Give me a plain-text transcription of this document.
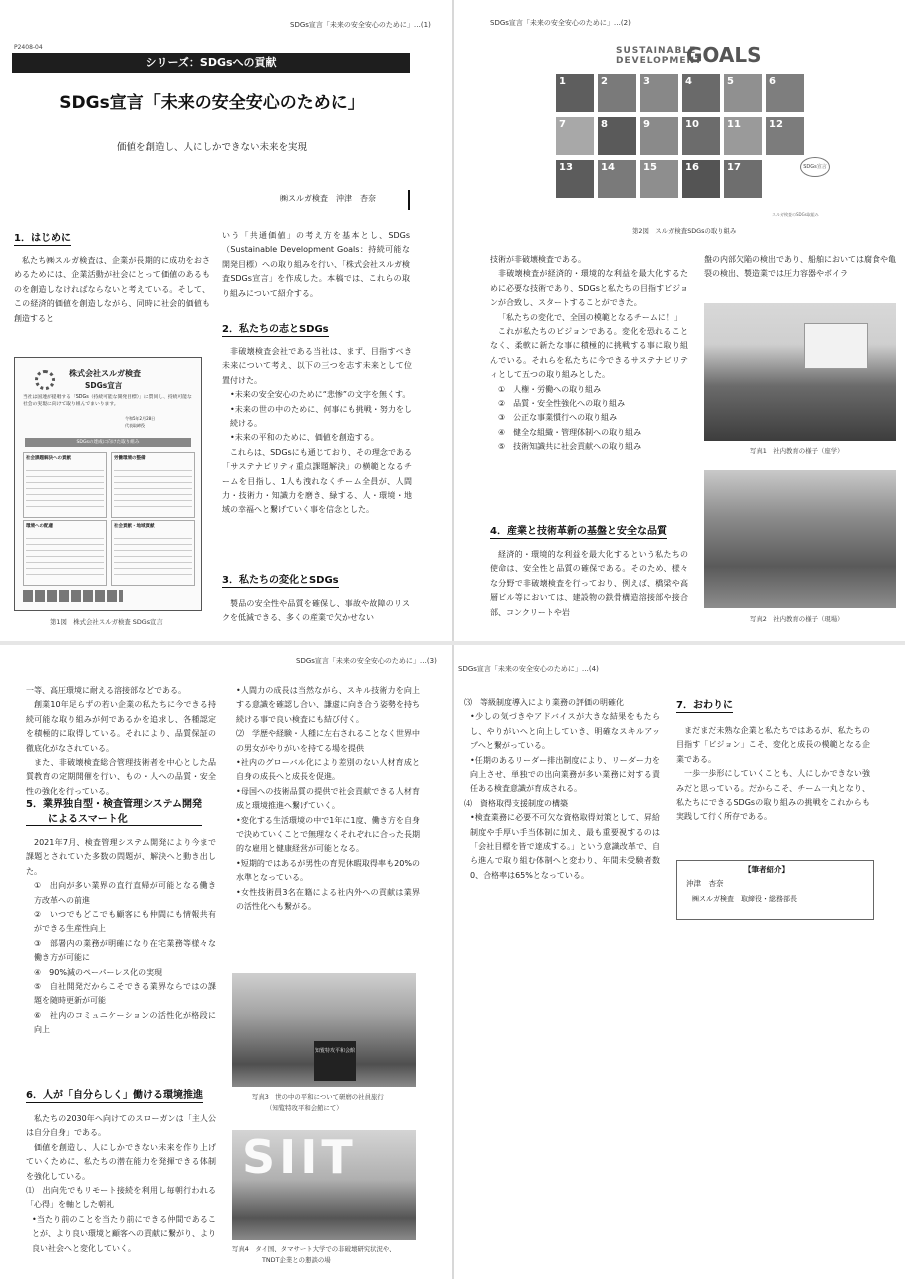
SDGs宣言「未来の安全安心のために」…(1)
P2408-04
シリーズ：SDGsへの貢献
SDGs宣言「未来の安全安心のために」
価値を創造し、人にしかできない未来を実現
㈱スルガ検査　沖津　杏奈
1．はじめに

私たち㈱スルガ検査は、企業が長期的に成功をおさめるためには、企業活動が社会にとって価値のあるものを創造しなければならないと考えている。そして、この経済的価値を創造しながら、同時に社会的価値も創造すると

株式会社スルガ検査
SDGs宣言
当社は国連が提唱する「SDGs（持続可能な開発目標）」に賛同し、持続可能な社会の実現に向けて取り組んでまいります。
令和5年2月28日
代表取締役
SDGsの達成に向けた取り組み
社会課題解決への貢献	労働環境の整備
環境への配慮	社会貢献・地域貢献
第1図　株式会社スルガ検査 SDGs宣言

いう「共通価値」の考え方を基本とし、SDGs（Sustainable Development Goals：持続可能な開発目標）への取り組みを行い、「株式会社スルガ検査SDGs宣言」を作成した。本稿では、これらの取り組みについて紹介する。

2．私たちの志とSDGs

非破壊検査会社である当社は、まず、目指すべき未来について考え、以下の三つを志す未来として位置付けた。

•未来の安全安心のために“悲惨”の文字を無くす。

•未来の世の中のために、何事にも挑戦・努力をし続ける。

•未来の平和のために、価値を創造する。

これらは、SDGsにも通じており、その理念である「サステナビリティ重点課題解決」の横範となるチームを目指し、1人も洩れなくチーム全員が、人間力・技術力・知識力を磨き、緑する、人・環境・地域の幸福へと繋げていく事を信念とした。

3．私たちの変化とSDGs

製品の安全性や品質を確保し、事故や故障のリスクを低減できる、多くの産業で欠かせない

SDGs宣言「未来の安全安心のために」…(2)
SUSTAINABLE DEVELOPMENT
GOALS
1	2	3	4	5	6
7	8	9	10	11	12
13	14	15	16	17	SDGs宣言
スルガ検査のSDGs取組み
第2図　スルガ検査SDGsの取り組み

技術が非破壊検査である。

非破壊検査が経済的・環境的な利益を最大化するために必要な技術であり、SDGsと私たちの目指すビジョンが合致し、スタートすることができた。

「私たちの変化で、全国の模範となるチームに！」

これが私たちのビジョンである。変化を恐れることなく、柔軟に新たな事に積極的に挑戦する事に取り組んでいる。それらを私たちに今できるサステナビリティとして五つの取り組みとした。

①　人権・労働への取り組み

②　品質・安全性強化への取り組み

③　公正な事業慣行への取り組み

④　健全な組織・管理体制への取り組み

⑤　技術知識共に社会貢献への取り組み

4．産業と技術革新の基盤と安全な品質

経済的・環境的な利益を最大化するという私たちの使命は、安全性と品質の確保である。そのため、様々な分野で非破壊検査を行っており、例えば、橋梁や高層ビル等においては、建設物の鉄骨構造溶接部や接合部、コンクリートや岩

盤の内部欠陥の検出であり、船舶においては腐食や亀裂の検出、製造業では圧力容器やボイラ

写真1　社内教育の様子（座学）
写真2　社内教育の様子（現場）
SDGs宣言「未来の安全安心のために」…(3)

一等、高圧環境に耐える溶接部などである。

創業10年足らずの若い企業の私たちに今できる持続可能な取り組みが何であるかを追求し、各種認定を積極的に取得している。それにより、品質保証の徹底化がなされている。

また、非破壊検査総合管理技術者を中心とした品質教育の定期開催を行い、もの・人への品質・安全性の強化を行っている。

5．業界独自型・検査管理システム開発
によるスマート化

2021年7月、検査管理システム開発により今まで課題とされていた多数の問題が、解決へと動き出した。

①　出向が多い業界の直行直帰が可能となる働き方改革への前進

②　いつでもどこでも顧客にも仲間にも情報共有ができる生産性向上

③　部署内の業務が明確になり在宅業務等様々な働き方が可能に

④　90%減のペーパーレス化の実現

⑤　自社開発だからこそできる業界ならではの課題を随時更新が可能

⑥　社内のコミュニケーションの活性化が格段に向上

6．人が「自分らしく」働ける環境推進

私たちの2030年へ向けてのスローガンは「主人公は自分自身」である。

価値を創造し、人にしかできない未来を作り上げていくために、私たちの潜在能力を発揮できる体制を強化している。

⑴　出向先でもリモート接続を利用し毎朝行われる「心得」を軸とした朝礼

•当たり前のことを当たり前にできる仲間であることが、より良い環境と顧客への貢献に繋がり、より良い社会へと変化していく。

•人間力の成長は当然ながら、スキル技術力を向上する意識を確認し合い、謙虚に向き合う姿勢を持ち続ける事で良い検査にも結び付く。

⑵　学歴や経験・人種に左右されることなく世界中の男女がやりがいを持てる場を提供

•社内のグローバル化により差別のない人材育成と自身の成長へと成長を促進。

•母国への技術品質の提供で社会貢献できる人材育成と環境推進へ繋げていく。

•変化する生活環境の中で1年に1度、働き方を自身で決めていくことで無理なくそれぞれに合った長期的な雇用と健康経営が可能となる。

•短期的ではあるが男性の育児休暇取得率も20%の水準となっている。

•女性技術員3名在籍による社内外への貢献は業界の活性化へも繋がる。

知覧特攻平和会館
写真3　世の中の平和について研磨の社員旅行
（知覧特攻平和会館にて）
SIIT
写真4　タイ国、タマサート大学での非破壊研究状況や、
TNDT企業との懇談の場
SDGs宣言「未来の安全安心のために」…(4)

⑶　等級制度導入により業務の評価の明確化

•少しの気づきやアドバイスが大きな結果をもたらし、やりがいへと向上していき、明確なスキルアップへと繋がっている。

•任期のあるリーダー排出制度により、リーダー力を向上させ、単独での出向業務が多い業務に対する責任ある検査意識が育成される。

⑷　資格取得支援制度の構築

•検査業務に必要不可欠な資格取得対策として、昇給制度や手厚い手当体制に加え、最も重要視するのは「会社目標を皆で達成する。」という意識改革で、自ら進んで取り組む体制へと変わり、年間未受験者数0、合格率は65%となっている。

7．おわりに

まだまだ未熟な企業と私たちではあるが、私たちの目指す「ビジョン」こそ、変化と成長の模範となる企業である。

一歩一歩形にしていくことも、人にしかできない強みだと思っている。だからこそ、チーム一丸となり、私たちにできるSDGsの取り組みの挑戦をこれからも実践して行く所存である。

【筆者紹介】
沖津　杏奈
㈱スルガ検査　取締役・総務部長
